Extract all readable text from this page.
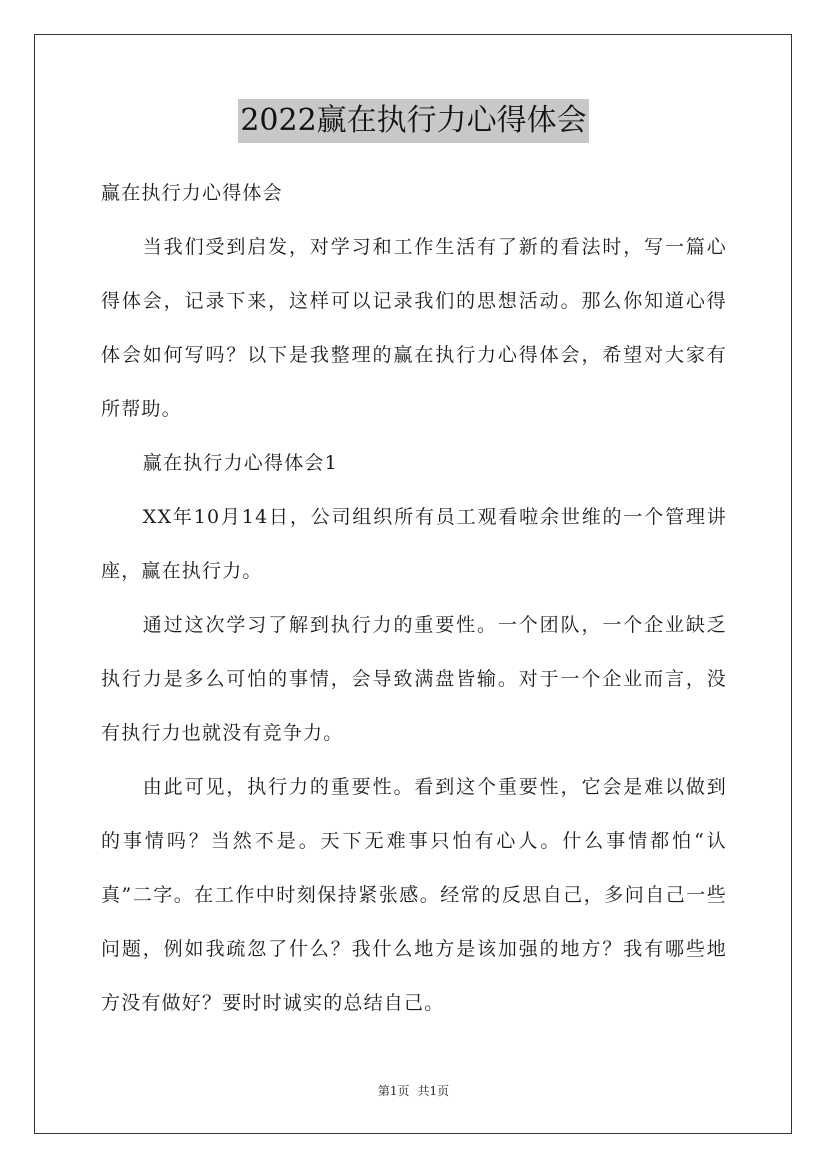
2022赢在执行力心得体会

赢在执行力心得体会

当我们受到启发，对学习和工作生活有了新的看法时，写一篇心得体会，记录下来，这样可以记录我们的思想活动。那么你知道心得体会如何写吗？以下是我整理的赢在执行力心得体会，希望对大家有所帮助。

赢在执行力心得体会1

XX年10月14日，公司组织所有员工观看啦余世维的一个管理讲座，赢在执行力。

通过这次学习了解到执行力的重要性。一个团队，一个企业缺乏执行力是多么可怕的事情，会导致满盘皆输。对于一个企业而言，没有执行力也就没有竞争力。

由此可见，执行力的重要性。看到这个重要性，它会是难以做到的事情吗？当然不是。天下无难事只怕有心人。什么事情都怕“认真”二字。在工作中时刻保持紧张感。经常的反思自己，多问自己一些问题，例如我疏忽了什么？我什么地方是该加强的地方？我有哪些地方没有做好？要时时诚实的总结自己。

第1页 共1页
